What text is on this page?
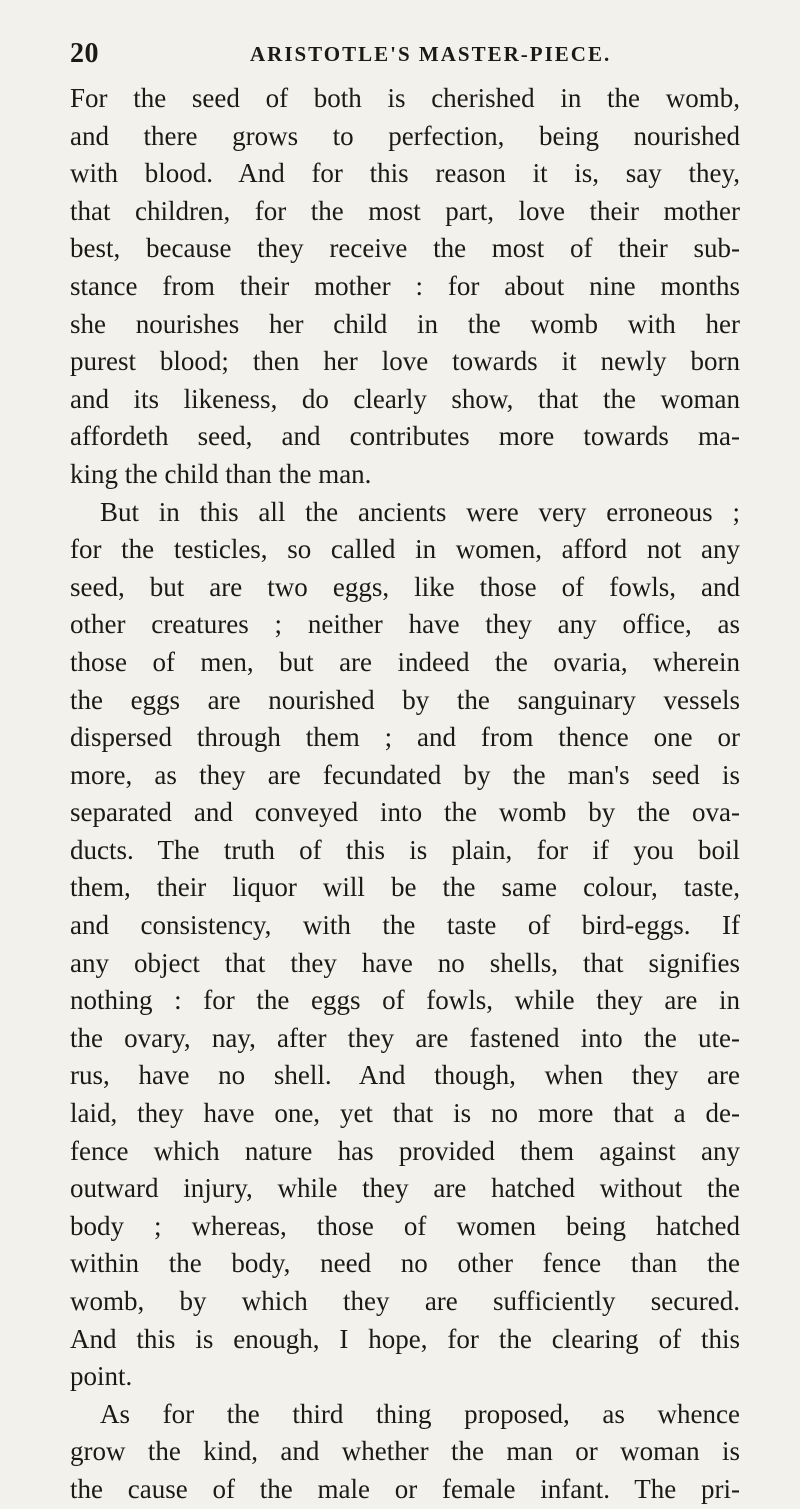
20	ARISTOTLE'S MASTER-PIECE.
For the seed of both is cherished in the womb,
and there grows to perfection, being nourished
with blood. And for this reason it is, say they,
that children, for the most part, love their mother
best, because they receive the most of their sub-
stance from their mother : for about nine months
she nourishes her child in the womb with her
purest blood; then her love towards it newly born
and its likeness, do clearly show, that the woman
affordeth seed, and contributes more towards ma-
king the child than the man.
But in this all the ancients were very erroneous ;
for the testicles, so called in women, afford not any
seed, but are two eggs, like those of fowls, and
other creatures ; neither have they any office, as
those of men, but are indeed the ovaria, wherein
the eggs are nourished by the sanguinary vessels
dispersed through them ; and from thence one or
more, as they are fecundated by the man's seed is
separated and conveyed into the womb by the ova-
ducts. The truth of this is plain, for if you boil
them, their liquor will be the same colour, taste,
and consistency, with the taste of bird-eggs. If
any object that they have no shells, that signifies
nothing : for the eggs of fowls, while they are in
the ovary, nay, after they are fastened into the ute-
rus, have no shell. And though, when they are
laid, they have one, yet that is no more that a de-
fence which nature has provided them against any
outward injury, while they are hatched without the
body ; whereas, those of women being hatched
within the body, need no other fence than the
womb, by which they are sufficiently secured.
And this is enough, I hope, for the clearing of this
point.
As for the third thing proposed, as whence
grow the kind, and whether the man or woman is
the cause of the male or female infant. The pri-
